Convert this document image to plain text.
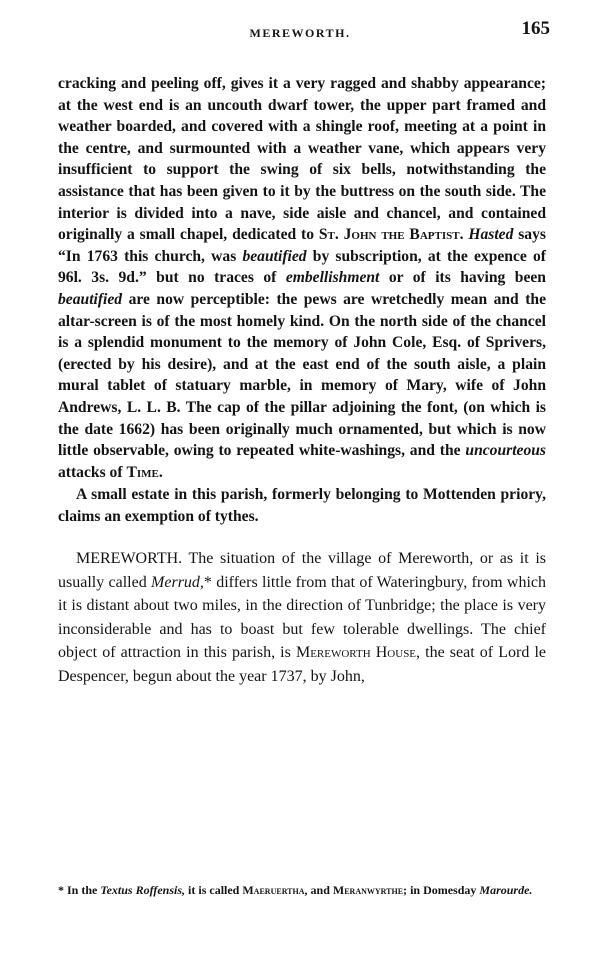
MEREWORTH.	165

cracking and peeling off, gives it a very ragged and shabby appearance; at the west end is an uncouth dwarf tower, the upper part framed and weather boarded, and covered with a shingle roof, meeting at a point in the centre, and surmounted with a weather vane, which appears very insufficient to support the swing of six bells, notwithstanding the assistance that has been given to it by the buttress on the south side. The interior is divided into a nave, side aisle and chancel, and contained originally a small chapel, dedicated to St. John the Baptist. Hasted says “In 1763 this church, was beautified by subscription, at the expence of 96l. 3s. 9d.” but no traces of embellishment or of its having been beautified are now perceptible: the pews are wretchedly mean and the altar-screen is of the most homely kind. On the north side of the chancel is a splendid monument to the memory of John Cole, Esq. of Sprivers, (erected by his desire), and at the east end of the south aisle, a plain mural tablet of statuary marble, in memory of Mary, wife of John Andrews, L. L. B. The cap of the pillar adjoining the font, (on which is the date 1662) has been originally much ornamented, but which is now little observable, owing to repeated white-washings, and the uncourteous attacks of Time.

A small estate in this parish, formerly belonging to Mottenden priory, claims an exemption of tythes.

MEREWORTH. The situation of the village of Mereworth, or as it is usually called Merrud,* differs little from that of Wateringbury, from which it is distant about two miles, in the direction of Tunbridge; the place is very inconsiderable and has to boast but few tolerable dwellings. The chief object of attraction in this parish, is Mereworth House, the seat of Lord le Despencer, begun about the year 1737, by John,

* In the Textus Roffensis, it is called Maeruertha, and Meranwyrthe; in Domesday Marourde.
